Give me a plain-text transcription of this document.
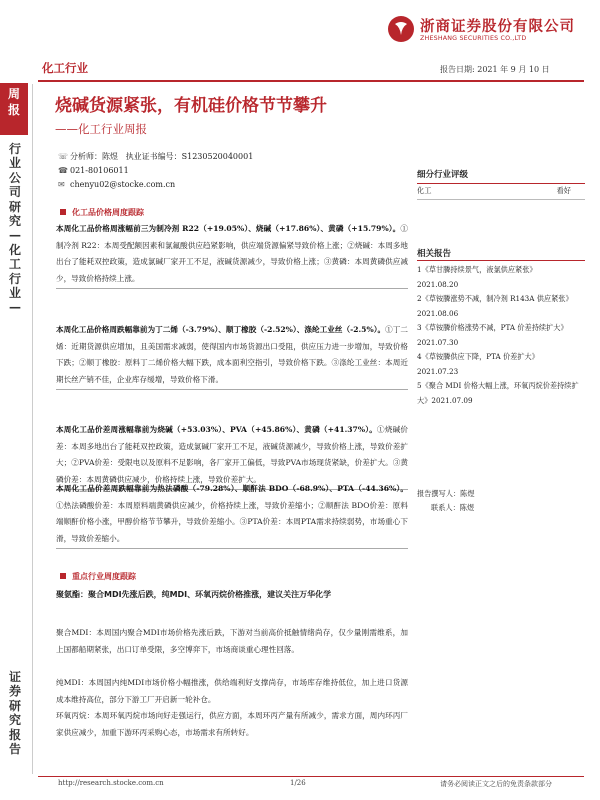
浙商证券股份有限公司
ZHESHANG SECURITIES CO.,LTD
化工行业	报告日期: 2021 年 9 月 10 日
周报
行业公司研究—化工行业—
证券研究报告
烧碱货源紧张，有机硅价格节节攀升
——化工行业周报
☏ 分析师：陈煜 执业证书编号：S1230520040001
☎ 021-80106011
✉ chenyu02@stocke.com.cn
化工品价格周度跟踪
本周化工品价格周涨幅前三为制冷剂 R22（+19.05%）、烧碱（+17.86%）、黄磷（+15.79%）。①制冷剂 R22：本周受配额因素和氯氟酸供应趋紧影响，供应端货源偏紧导致价格上涨；②烧碱：本周多地出台了能耗双控政策，造成氯碱厂家开工不足，液碱货源减少，导致价格上涨；③黄磷：本周黄磷供应减少，导致价格持续上涨。
本周化工品价格周跌幅靠前为丁二烯（-3.79%）、顺丁橡胶（-2.52%）、涤纶工业丝（-2.5%）。①丁二烯：近期货源供应增加，且美国需求减弱，使得国内市场货源出口受阻，供应压力进一步增加，导致价格下跌；②顺丁橡胶：原料丁二烯价格大幅下跌，成本面利空指引，导致价格下跌。③涤纶工业丝：本周近期长丝产销不佳，企业库存缓增，导致价格下滑。
本周化工品价差周涨幅靠前为烧碱（+53.03%）、PVA（+45.86%）、黄磷（+41.37%）。①烧碱价差：本周多地出台了能耗双控政策，造成氯碱厂家开工不足，液碱货源减少，导致价格上涨，导致价差扩大；②PVA价差：受限电以及原料不足影响，各厂家开工偏低，导致PVA市场现货紧缺，价差扩大。③黄磷价差：本周黄磷供应减少，价格持续上涨，导致价差扩大。
本周化工品价差周跌幅靠前为热法磷酸（-79.28%）、顺酐法 BDO（-68.9%）、PTA（-44.36%）。①热法磷酸价差：本周原料端黄磷供应减少，价格持续上涨，导致价差缩小；②顺酐法 BDO价差：原料端顺酐价格小涨，甲醇价格节节攀升，导致价差缩小。③PTA价差：本周PTA需求持续弱势，市场重心下滑，导致价差缩小。
重点行业周度跟踪
聚氨酯：聚合MDI先涨后跌，纯MDI、环氧丙烷价格推涨，建议关注万华化学
聚合MDI：本周国内聚合MDI市场价格先涨后跌，下游对当前高价抵触情绪尚存，仅少量刚需维系，加上国都船期紧张，出口订单受限，多空博弈下，市场商谈重心理性回落。
纯MDI：本周国内纯MDI市场价格小幅推涨，供给端利好支撑尚存，市场库存维持低位，加上进口货源成本维持高位，部分下游工厂开启新一轮补仓。
环氧丙烷：本周环氧丙烷市场向好走强运行，供应方面，本周环丙产量有所减少，需求方面，周内环丙厂家供应减少，加重下游环丙采购心态，市场需求有所转好。
细分行业评级
化工	看好
相关报告
1《草甘膦持续景气，液氯供应紧张》
2021.08.20
2《草铵膦涨势不减，制冷剂 R143A 供应紧张》2021.08.06
3《草铵膦价格涨势不减，PTA 价差持续扩大》2021.07.30
4《草铵膦供应下降，PTA 价差扩大》
2021.07.23
5《聚合 MDI 价格大幅上涨，环氧丙烷价差持续扩大》2021.07.09
报告撰写人：陈煜
联系人：陈煜
http://research.stocke.com.cn	1/26	请务必阅读正文之后的免责条款部分
